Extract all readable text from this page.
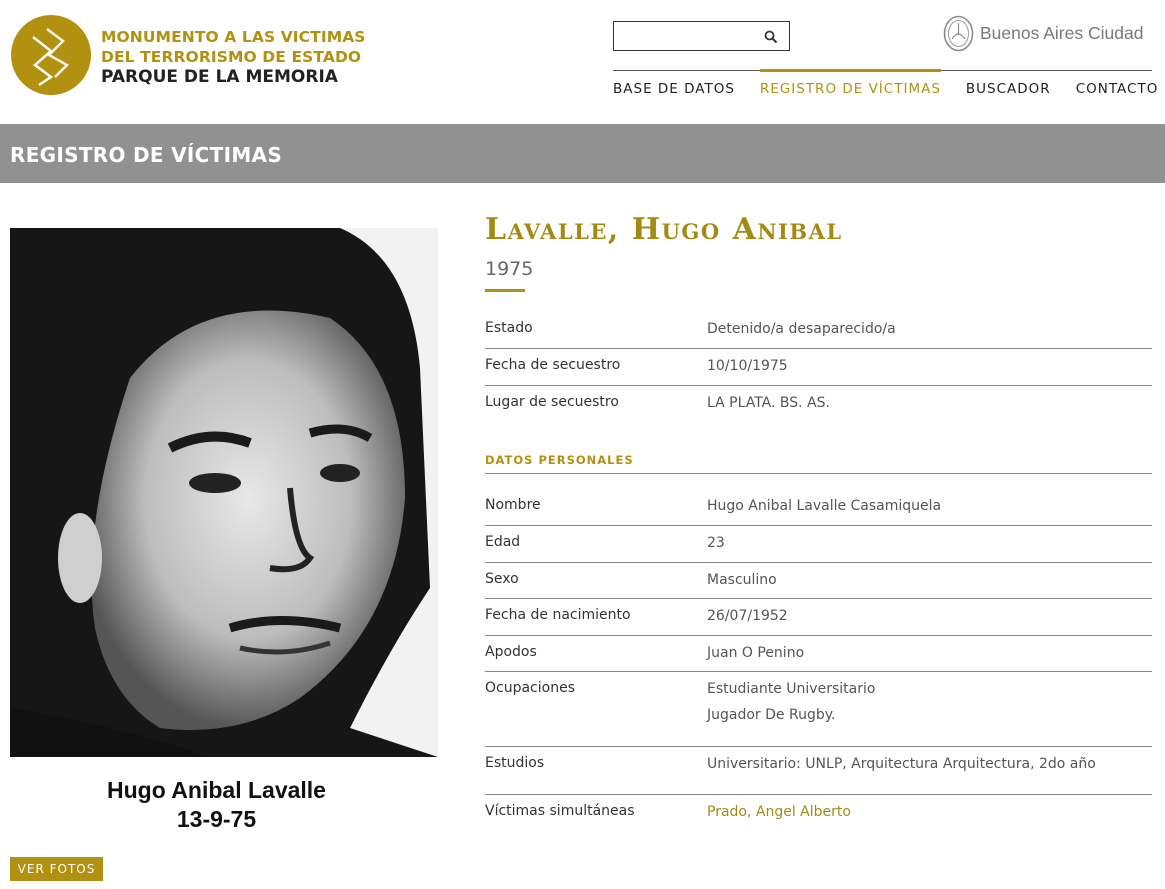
MONUMENTO A LAS VICTIMAS
DEL TERRORISMO DE ESTADO
PARQUE DE LA MEMORIA
Buenos Aires Ciudad
BASE DE DATOS REGISTRO DE VÍCTIMAS BUSCADOR CONTACTO
REGISTRO DE VÍCTIMAS
Hugo Anibal Lavalle
13-9-75
VER FOTOS
Lavalle, Hugo Anibal
1975
Estado	Detenido/a desaparecido/a
Fecha de secuestro	10/10/1975
Lugar de secuestro	LA PLATA. BS. AS.
DATOS PERSONALES
Nombre	Hugo Anibal Lavalle Casamiquela
Edad	23
Sexo	Masculino
Fecha de nacimiento	26/07/1952
Apodos	Juan O Penino
Ocupaciones	Estudiante Universitario
Jugador De Rugby.
Estudios	Universitario: UNLP, Arquitectura Arquitectura, 2do año
Víctimas simultáneas	Prado, Angel Alberto
